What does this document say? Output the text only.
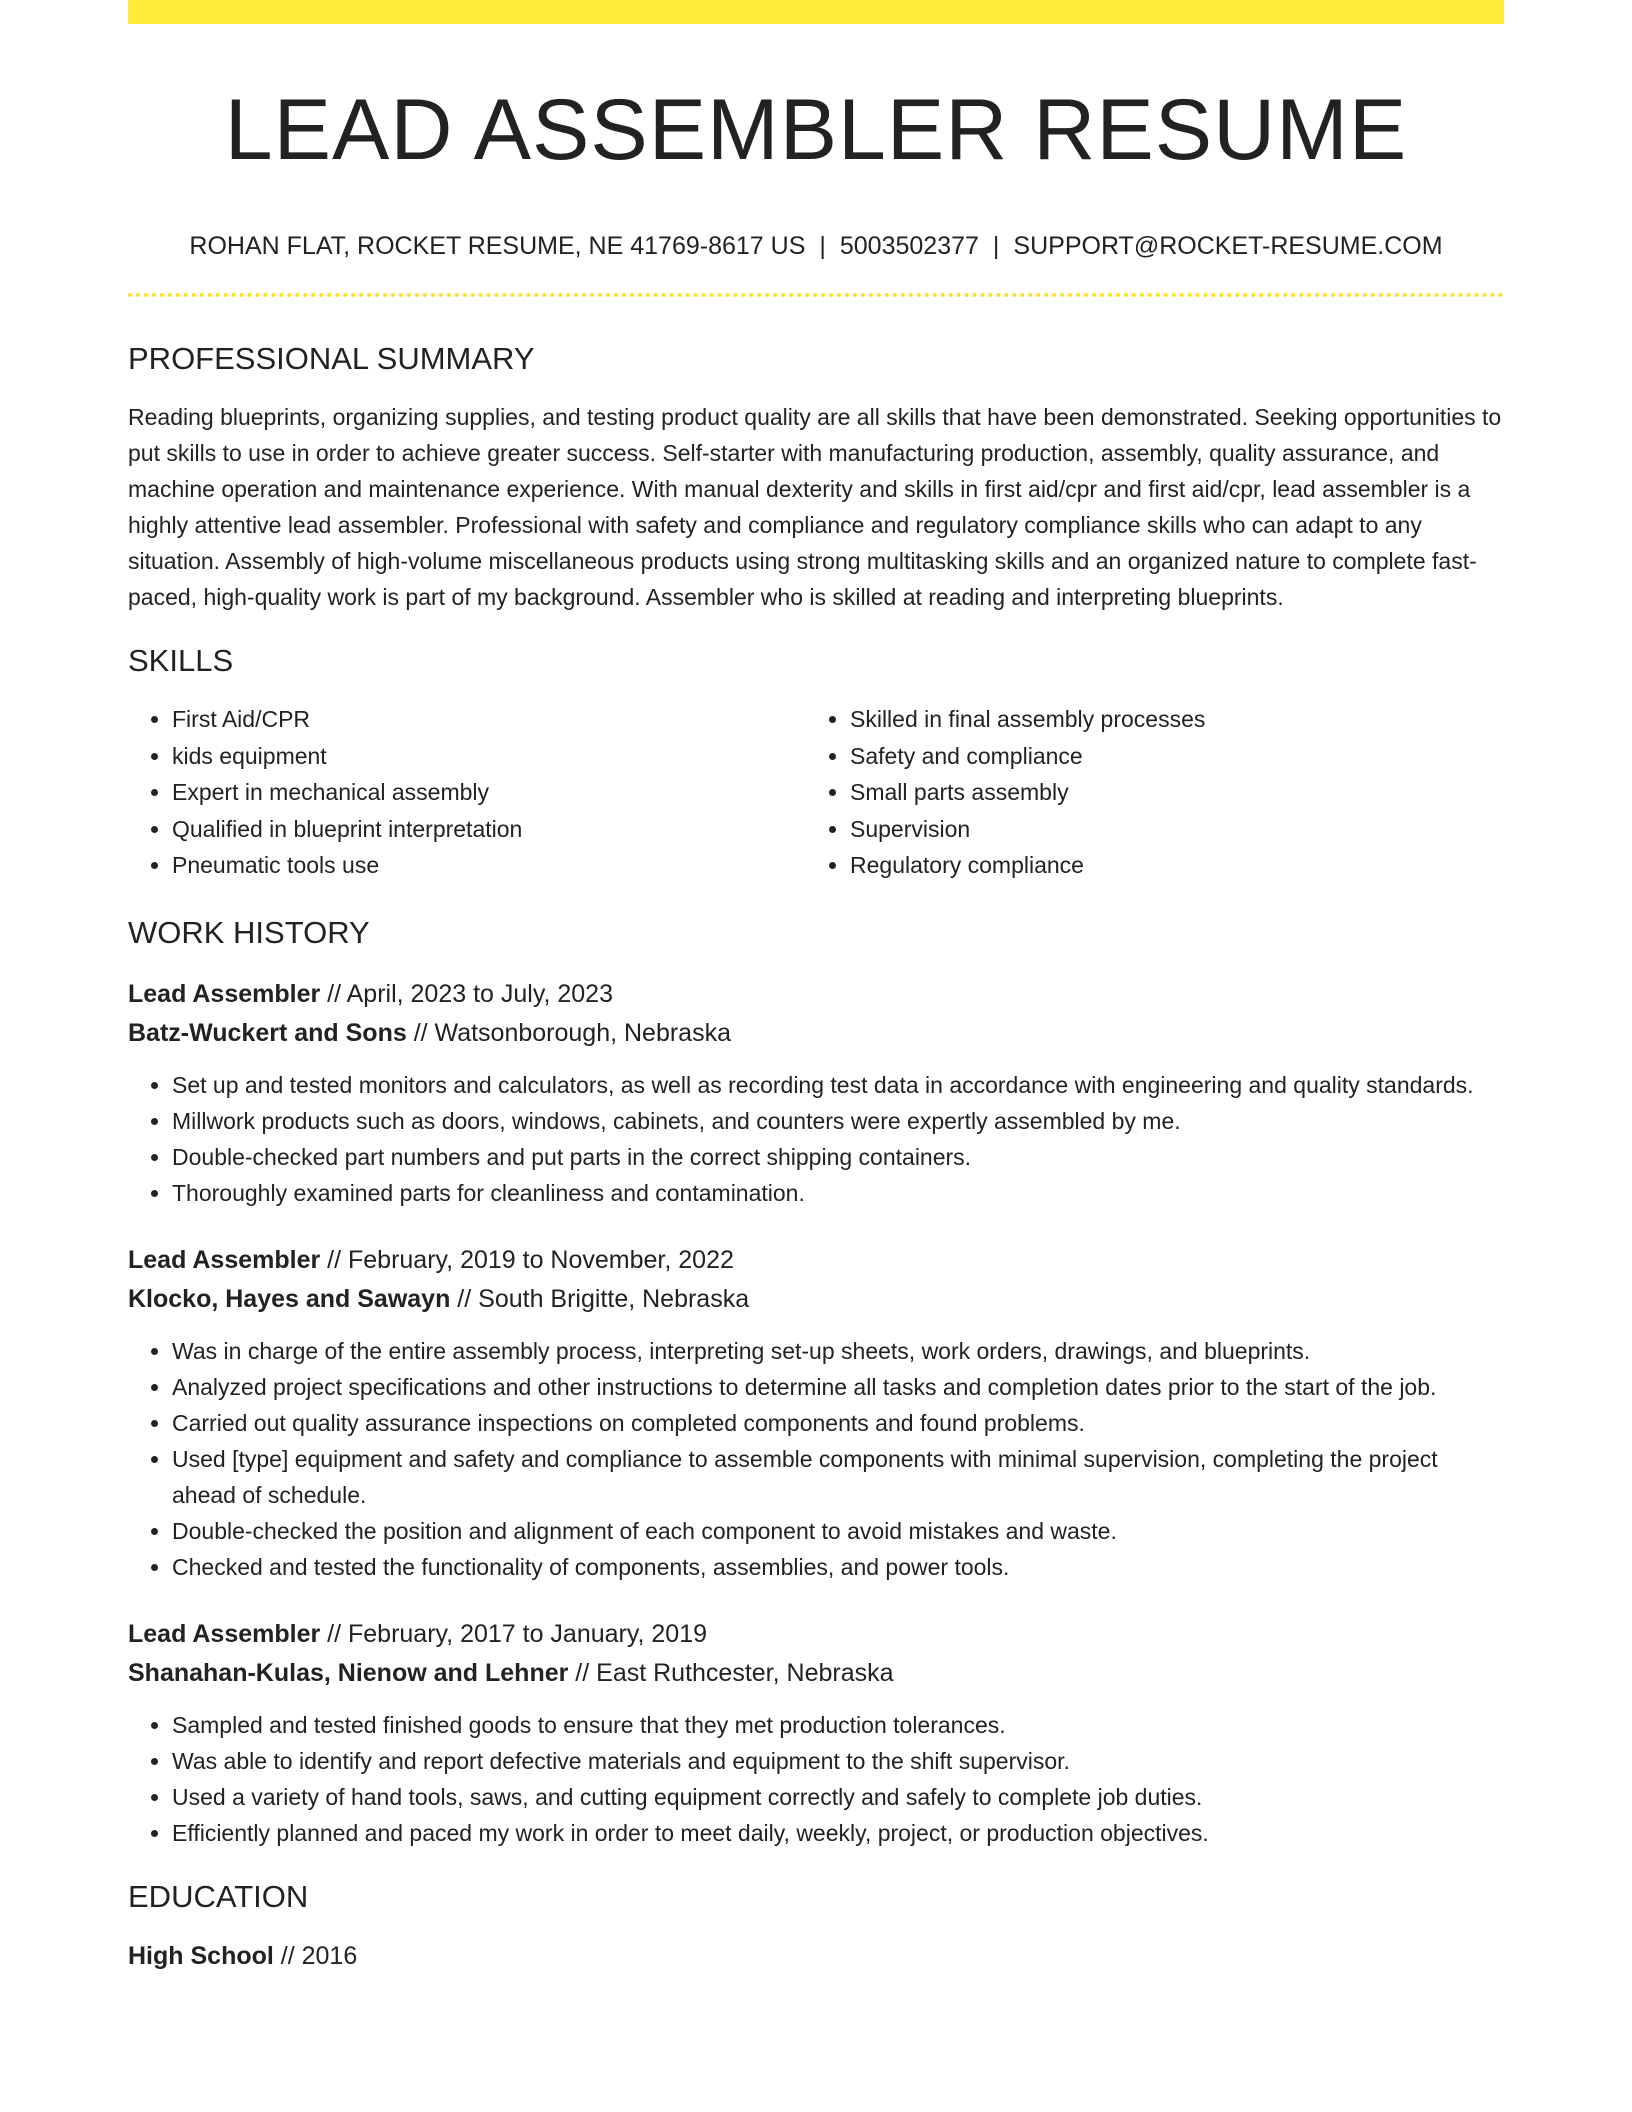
LEAD ASSEMBLER RESUME
ROHAN FLAT, ROCKET RESUME, NE 41769-8617 US | 5003502377 | SUPPORT@ROCKET-RESUME.COM
PROFESSIONAL SUMMARY
Reading blueprints, organizing supplies, and testing product quality are all skills that have been demonstrated. Seeking opportunities to put skills to use in order to achieve greater success. Self-starter with manufacturing production, assembly, quality assurance, and machine operation and maintenance experience. With manual dexterity and skills in first aid/cpr and first aid/cpr, lead assembler is a highly attentive lead assembler. Professional with safety and compliance and regulatory compliance skills who can adapt to any situation. Assembly of high-volume miscellaneous products using strong multitasking skills and an organized nature to complete fast-paced, high-quality work is part of my background. Assembler who is skilled at reading and interpreting blueprints.
SKILLS
• First Aid/CPR
• kids equipment
• Expert in mechanical assembly
• Qualified in blueprint interpretation
• Pneumatic tools use
• Skilled in final assembly processes
• Safety and compliance
• Small parts assembly
• Supervision
• Regulatory compliance
WORK HISTORY
Lead Assembler // April, 2023 to July, 2023
Batz-Wuckert and Sons // Watsonborough, Nebraska
• Set up and tested monitors and calculators, as well as recording test data in accordance with engineering and quality standards.
• Millwork products such as doors, windows, cabinets, and counters were expertly assembled by me.
• Double-checked part numbers and put parts in the correct shipping containers.
• Thoroughly examined parts for cleanliness and contamination.
Lead Assembler // February, 2019 to November, 2022
Klocko, Hayes and Sawayn // South Brigitte, Nebraska
• Was in charge of the entire assembly process, interpreting set-up sheets, work orders, drawings, and blueprints.
• Analyzed project specifications and other instructions to determine all tasks and completion dates prior to the start of the job.
• Carried out quality assurance inspections on completed components and found problems.
• Used [type] equipment and safety and compliance to assemble components with minimal supervision, completing the project ahead of schedule.
• Double-checked the position and alignment of each component to avoid mistakes and waste.
• Checked and tested the functionality of components, assemblies, and power tools.
Lead Assembler // February, 2017 to January, 2019
Shanahan-Kulas, Nienow and Lehner // East Ruthcester, Nebraska
• Sampled and tested finished goods to ensure that they met production tolerances.
• Was able to identify and report defective materials and equipment to the shift supervisor.
• Used a variety of hand tools, saws, and cutting equipment correctly and safely to complete job duties.
• Efficiently planned and paced my work in order to meet daily, weekly, project, or production objectives.
EDUCATION
High School // 2016
